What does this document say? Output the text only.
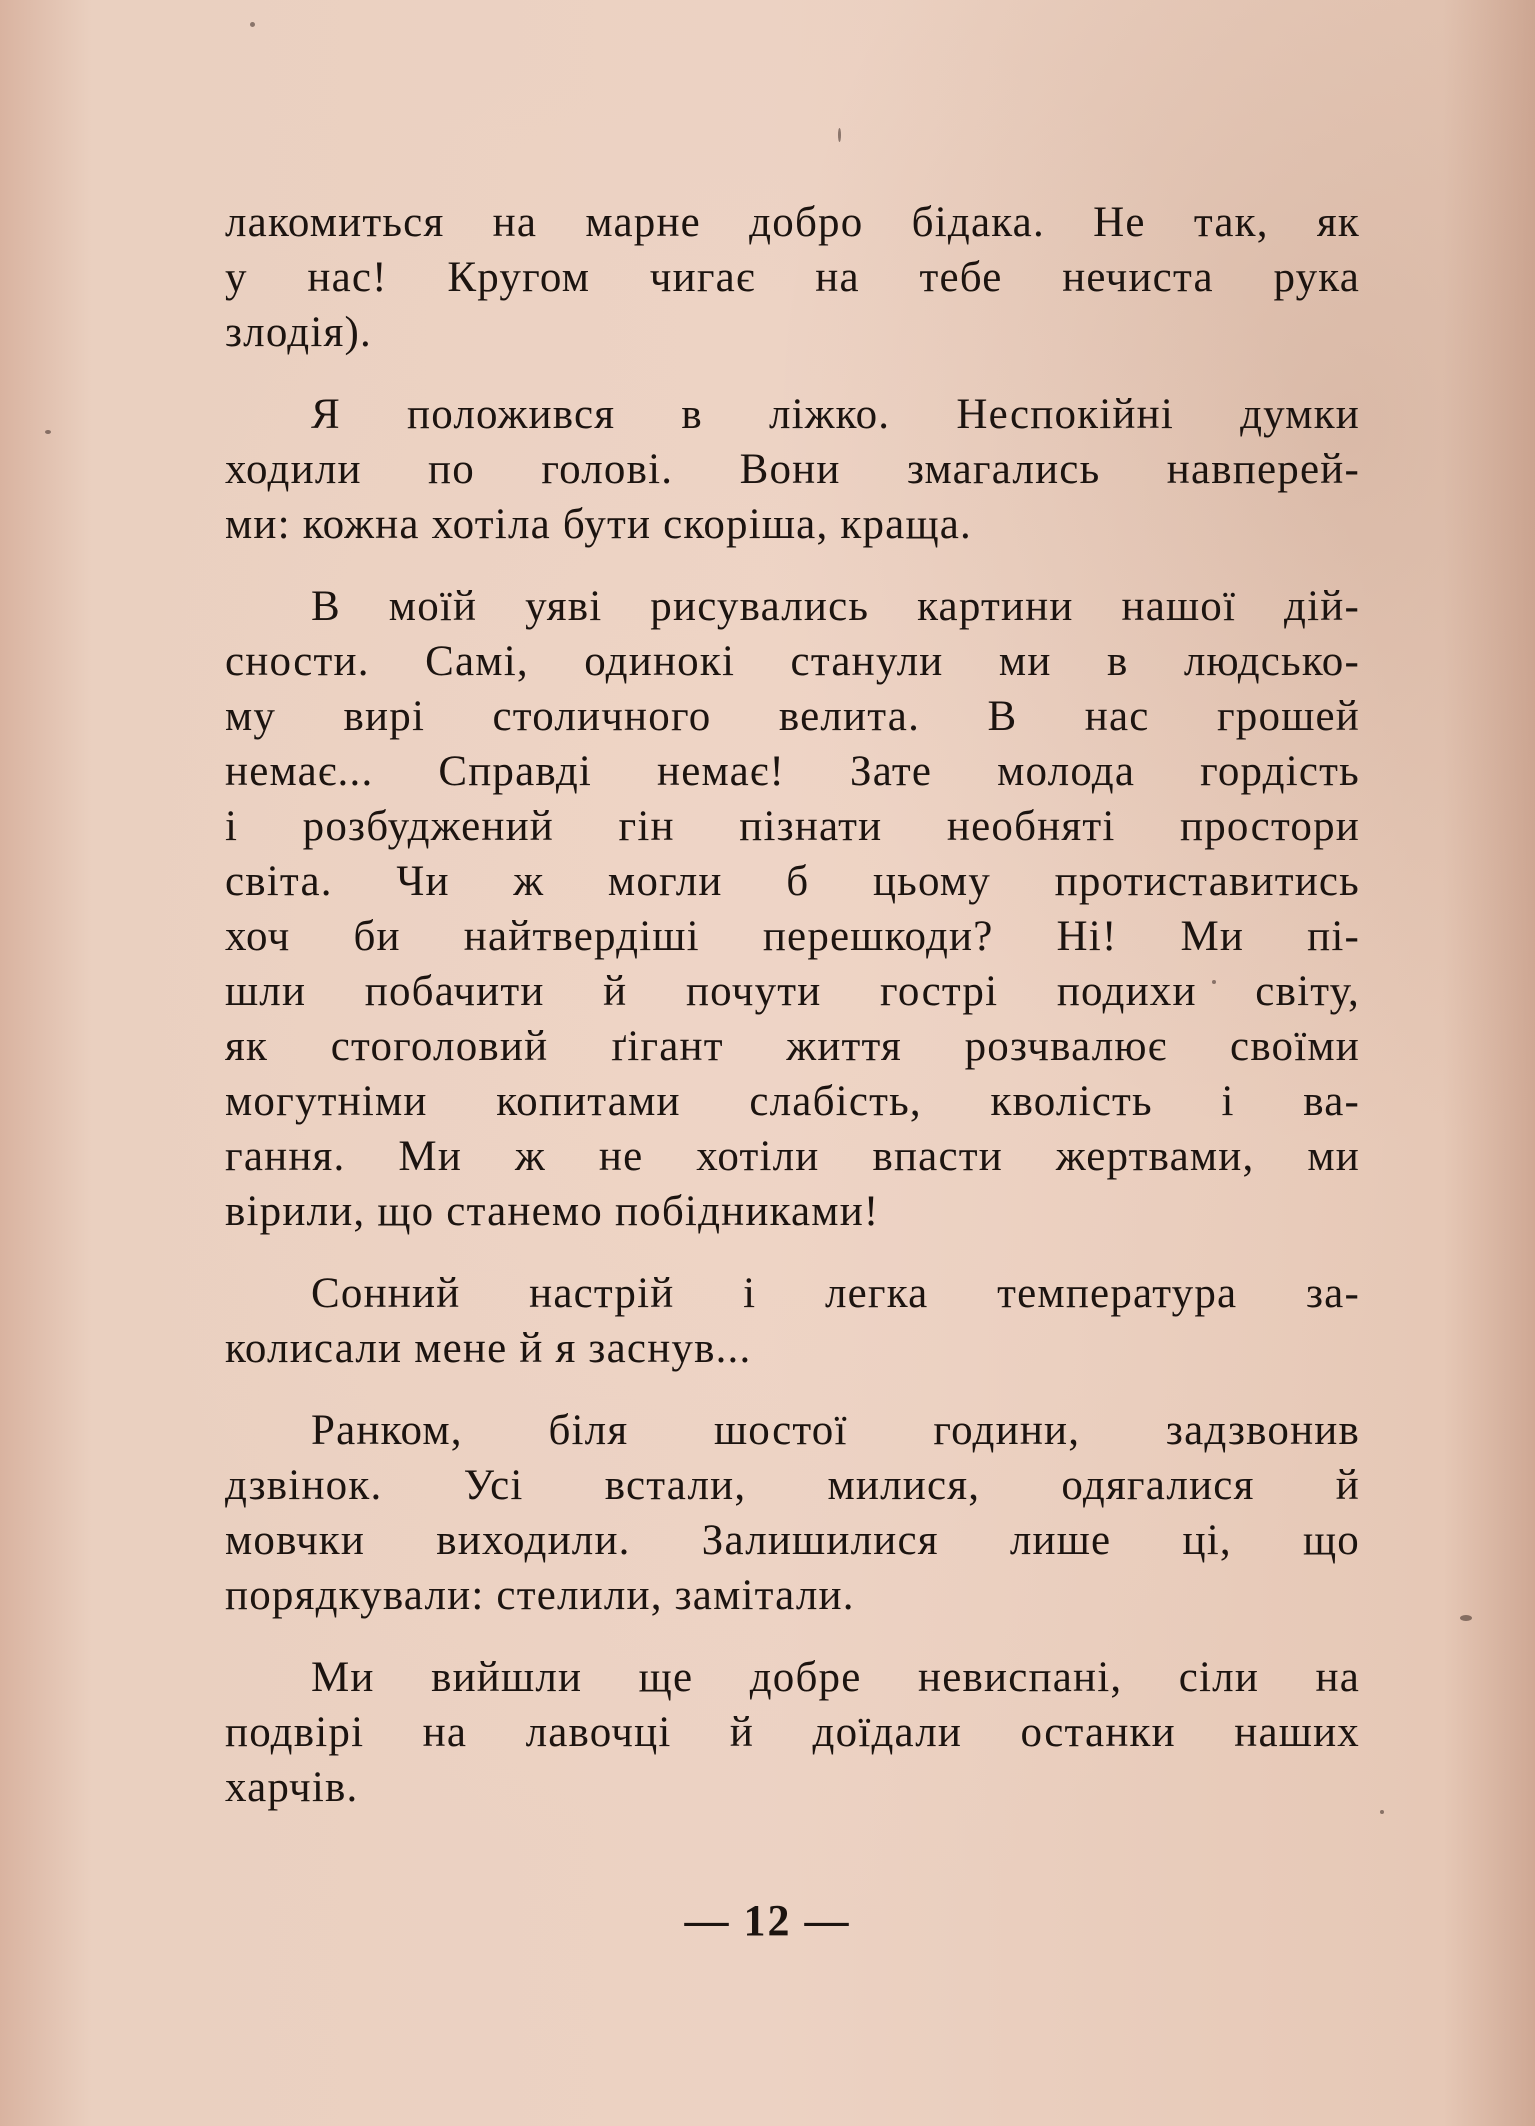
лакомиться на марне добро бідака. Не так, як
у нас! Кругом чигає на тебе нечиста рука
злодія).
Я положився в ліжко. Неспокійні думки
ходили по голові. Вони змагались навперей-
ми: кожна хотіла бути скоріша, краща.
В моїй уяві рисувались картини нашої дій-
сности. Самі, одинокі станули ми в людсько-
му вирі столичного велита. В нас грошей
немає... Справді немає! Зате молода гордість
і розбуджений гін пізнати необняті простори
світа. Чи ж могли б цьому протиставитись
хоч би найтвердіші перешкоди? Ні! Ми пі-
шли побачити й почути гострі подихи світу,
як стоголовий ґігант життя розчвалює своїми
могутніми копитами слабість, кволість і ва-
гання. Ми ж не хотіли впасти жертвами, ми
вірили, що станемо побідниками!
Сонний настрій і легка температура за-
колисали мене й я заснув...
Ранком, біля шостої години, задзвонив
дзвінок. Усі встали, милися, одягалися й
мовчки виходили. Залишилися лише ці, що
порядкували: стелили, замітали.
Ми вийшли ще добре невиспані, сіли на
подвірі на лавочці й доїдали останки наших
харчів.
— 12 —
